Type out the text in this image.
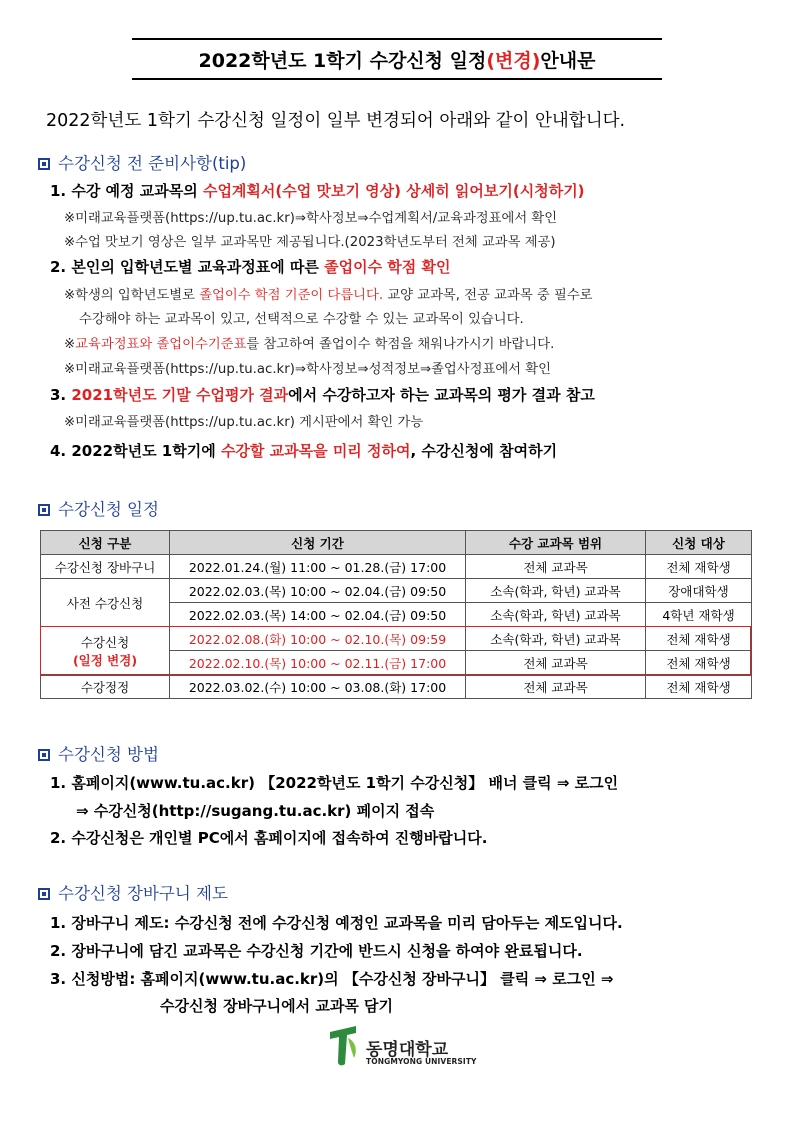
2022학년도 1학기 수강신청 일정 (변경) 안내문
2022학년도 1학기 수강신청 일정이 일부 변경되어 아래와 같이 안내합니다.
수강신청 전 준비사항(tip)
1. 수강 예정 교과목의 수업계획서(수업 맛보기 영상) 상세히 읽어보기(시청하기)
※미래교육플랫폼(https://up.tu.ac.kr)⇒학사정보⇒수업계획서/교육과정표에서 확인
※수업 맛보기 영상은 일부 교과목만 제공됩니다.(2023학년도부터 전체 교과목 제공)
2. 본인의 입학년도별 교육과정표에 따른 졸업이수 학점 확인
※학생의 입학년도별로 졸업이수 학점 기준이 다릅니다. 교양 교과목, 전공 교과목 중 필수로
수강해야 하는 교과목이 있고, 선택적으로 수강할 수 있는 교과목이 있습니다.
※교육과정표와 졸업이수기준표를 참고하여 졸업이수 학점을 채워나가시기 바랍니다.
※미래교육플랫폼(https://up.tu.ac.kr)⇒학사정보⇒성적정보⇒졸업사정표에서 확인
3. 2021학년도 기말 수업평가 결과에서 수강하고자 하는 교과목의 평가 결과 참고
※미래교육플랫폼(https://up.tu.ac.kr) 게시판에서 확인 가능
4. 2022학년도 1학기에 수강할 교과목을 미리 정하여, 수강신청에 참여하기
수강신청 일정
신청 구분	신청 기간	수강 교과목 범위	신청 대상
수강신청 장바구니	2022.01.24.(월) 11:00 ~ 01.28.(금) 17:00	전체 교과목	전체 재학생
사전 수강신청	2022.02.03.(목) 10:00 ~ 02.04.(금) 09:50	소속(학과, 학년) 교과목	장애대학생
	2022.02.03.(목) 14:00 ~ 02.04.(금) 09:50	소속(학과, 학년) 교과목	4학년 재학생

수강신청
(일정 변경)	2022.02.08.(화) 10:00 ~ 02.10.(목) 09:59	소속(학과, 학년) 교과목	전체 재학생
	2022.02.10.(목) 10:00 ~ 02.11.(금) 17:00	전체 교과목	전체 재학생
수강정정	2022.03.02.(수) 10:00 ~ 03.08.(화) 17:00	전체 교과목	전체 재학생
수강신청 방법
1. 홈페이지(www.tu.ac.kr) 【2022학년도 1학기 수강신청】 배너 클릭 ⇒ 로그인
⇒ 수강신청(http://sugang.tu.ac.kr) 페이지 접속
2. 수강신청은 개인별 PC에서 홈페이지에 접속하여 진행바랍니다.
수강신청 장바구니 제도
1. 장바구니 제도: 수강신청 전에 수강신청 예정인 교과목을 미리 담아두는 제도입니다.
2. 장바구니에 담긴 교과목은 수강신청 기간에 반드시 신청을 하여야 완료됩니다.
3. 신청방법: 홈페이지(www.tu.ac.kr)의 【수강신청 장바구니】 클릭 ⇒ 로그인 ⇒
수강신청 장바구니에서 교과목 담기
동명대학교
TONGMYONG UNIVERSITY
